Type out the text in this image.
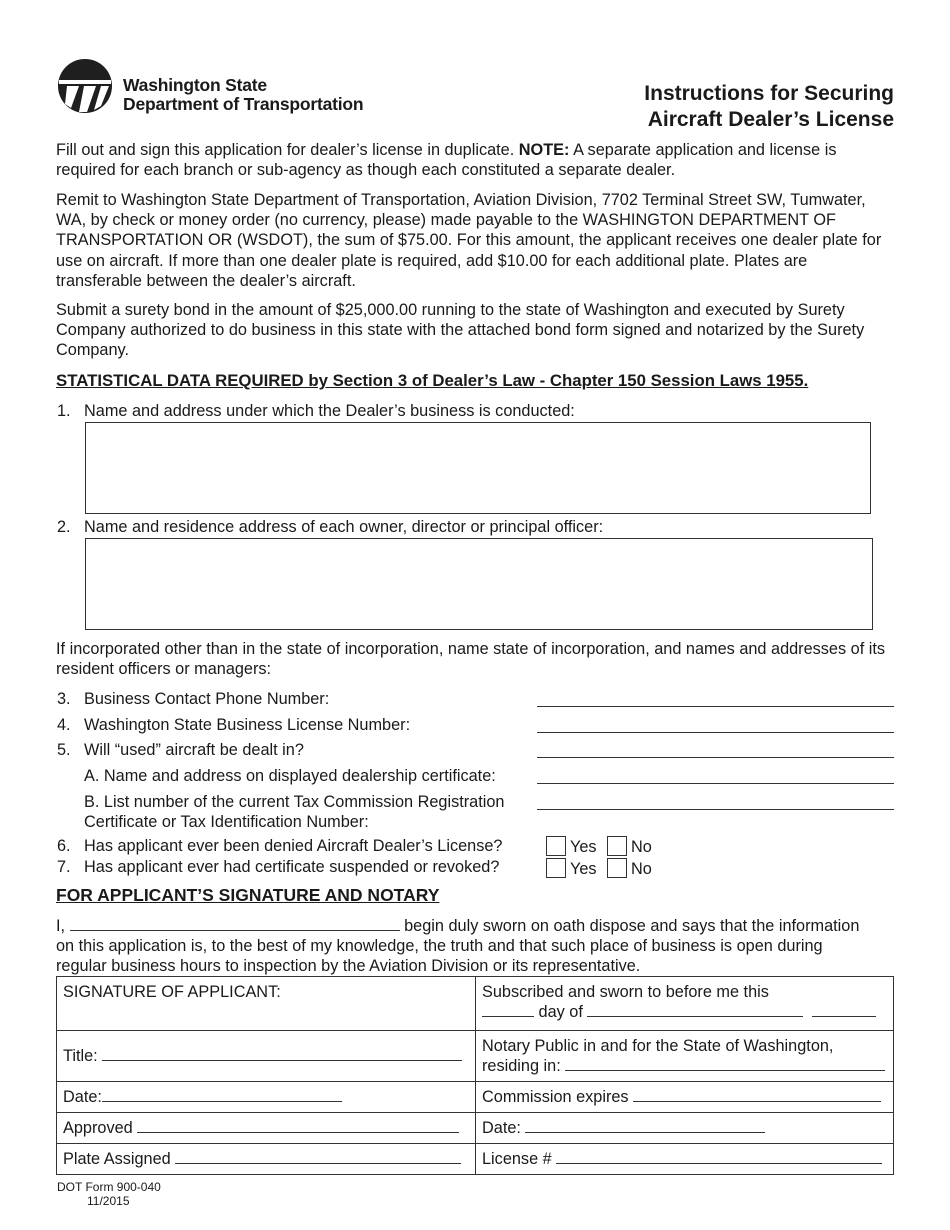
Washington State
Department of Transportation	Instructions for Securing
Aircraft Dealer’s License
Fill out and sign this application for dealer’s license in duplicate. NOTE: A separate application and license is required for each branch or sub-agency as though each constituted a separate dealer.
Remit to Washington State Department of Transportation, Aviation Division, 7702 Terminal Street SW, Tumwater, WA, by check or money order (no currency, please) made payable to the WASHINGTON DEPARTMENT OF TRANSPORTATION OR (WSDOT), the sum of $75.00. For this amount, the applicant receives one dealer plate for use on aircraft. If more than one dealer plate is required, add $10.00 for each additional plate. Plates are transferable between the dealer’s aircraft.
Submit a surety bond in the amount of $25,000.00 running to the state of Washington and executed by Surety Company authorized to do business in this state with the attached bond form signed and notarized by the Surety Company.
STATISTICAL DATA REQUIRED by Section 3 of Dealer’s Law - Chapter 150 Session Laws 1955.
1. Name and address under which the Dealer’s business is conducted:
2. Name and residence address of each owner, director or principal officer:
If incorporated other than in the state of incorporation, name state of incorporation, and names and addresses of its resident officers or managers:
3. Business Contact Phone Number:
4. Washington State Business License Number:
5. Will “used” aircraft be dealt in?
A. Name and address on displayed dealership certificate:
B. List number of the current Tax Commission Registration
Certificate or Tax Identification Number:
6. Has applicant ever been denied Aircraft Dealer’s License?	Yes	No
7. Has applicant ever had certificate suspended or revoked?	Yes	No
FOR APPLICANT’S SIGNATURE AND NOTARY
I,	begin duly sworn on oath dispose and says that the information
on this application is, to the best of my knowledge, the truth and that such place of business is open during
regular business hours to inspection by the Aviation Division or its representative.
SIGNATURE OF APPLICANT:	Subscribed and sworn to before me this
day of

Title:	Notary Public in and for the State of Washington,
residing in:

Date:	Commission expires
Approved	Date:
Plate Assigned	License #
DOT Form 900-040
11/2015
